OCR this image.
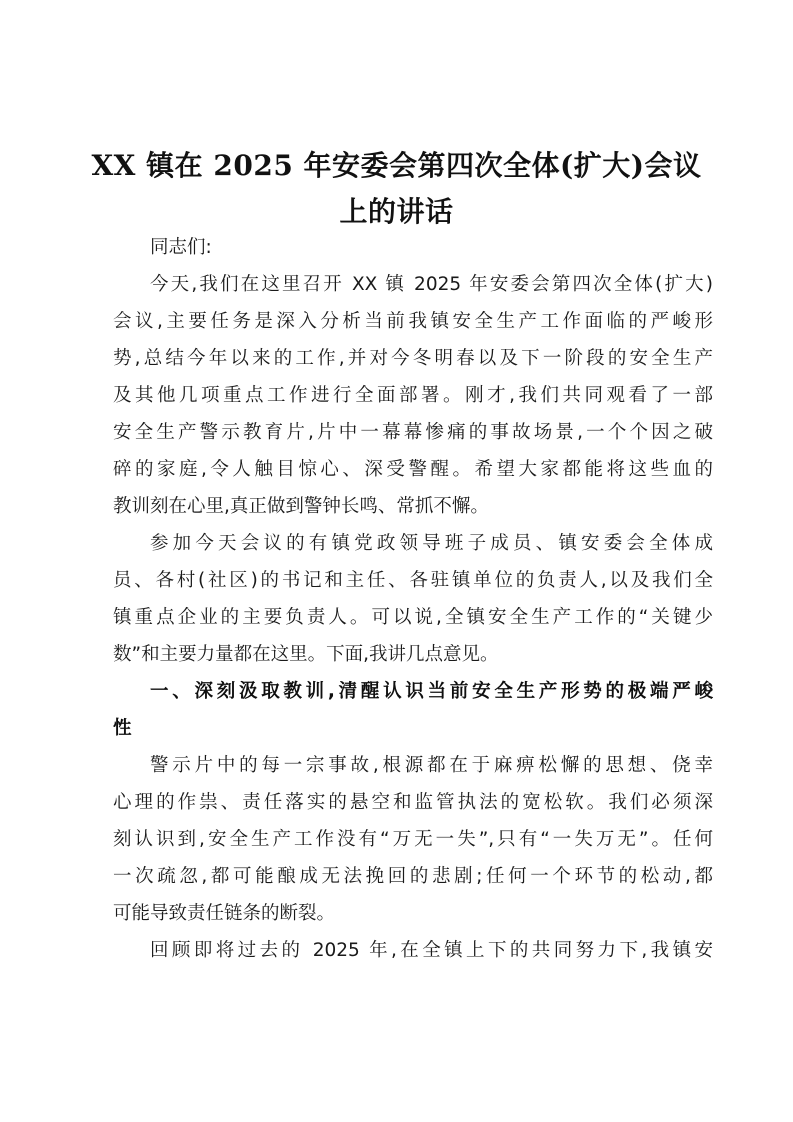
XX 镇在 2025 年安委会第四次全体(扩大)会议
上的讲话
同志们:
今天,我们在这里召开 XX 镇 2025 年安委会第四次全体(扩大)
会议,主要任务是深入分析当前我镇安全生产工作面临的严峻形
势,总结今年以来的工作,并对今冬明春以及下一阶段的安全生产
及其他几项重点工作进行全面部署。刚才,我们共同观看了一部
安全生产警示教育片,片中一幕幕惨痛的事故场景,一个个因之破
碎的家庭,令人触目惊心、深受警醒。希望大家都能将这些血的
教训刻在心里,真正做到警钟长鸣、常抓不懈。
参加今天会议的有镇党政领导班子成员、镇安委会全体成
员、各村(社区)的书记和主任、各驻镇单位的负责人,以及我们全
镇重点企业的主要负责人。可以说,全镇安全生产工作的“关键少
数”和主要力量都在这里。下面,我讲几点意见。
一、深刻汲取教训,清醒认识当前安全生产形势的极端严峻
性
警示片中的每一宗事故,根源都在于麻痹松懈的思想、侥幸
心理的作祟、责任落实的悬空和监管执法的宽松软。我们必须深
刻认识到,安全生产工作没有“万无一失”,只有“一失万无”。任何
一次疏忽,都可能酿成无法挽回的悲剧;任何一个环节的松动,都
可能导致责任链条的断裂。
回顾即将过去的 2025 年,在全镇上下的共同努力下,我镇安
